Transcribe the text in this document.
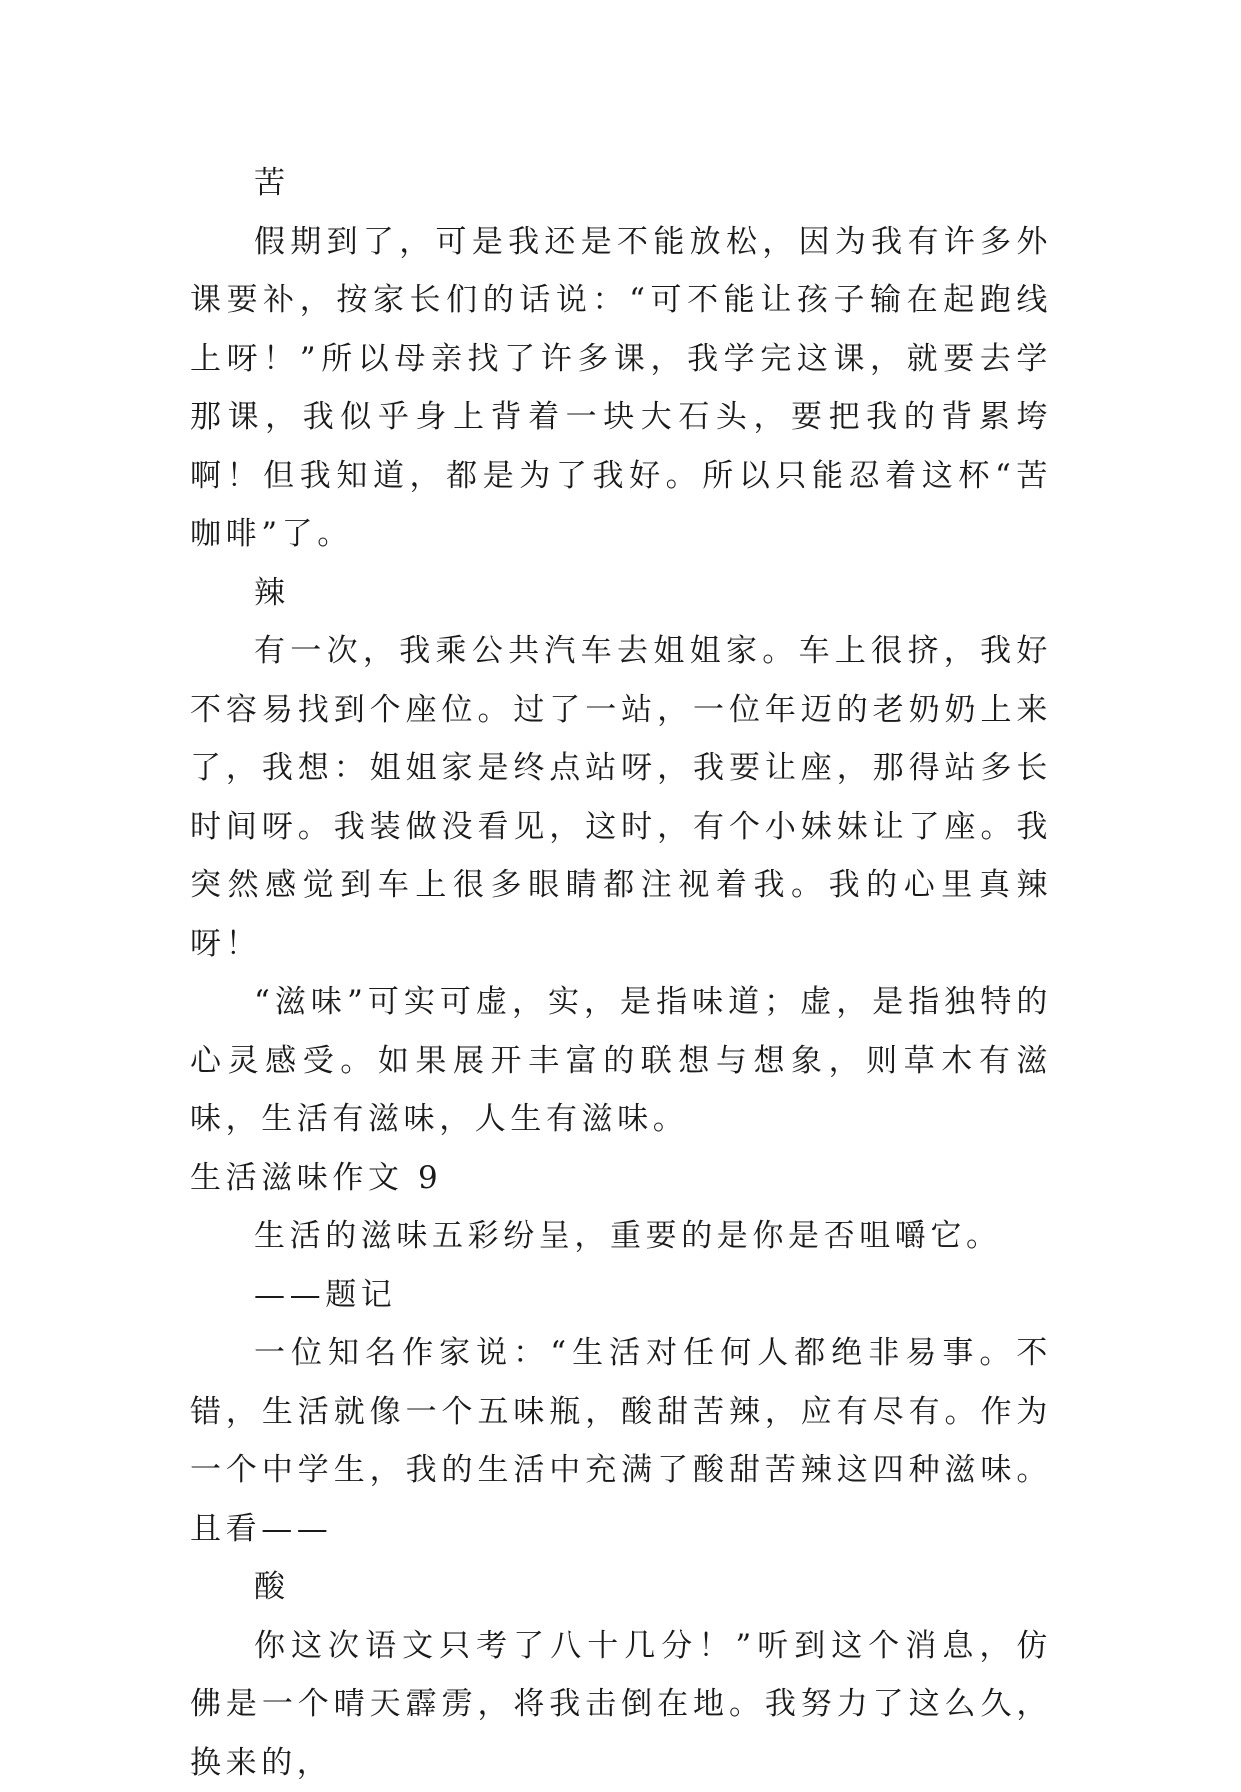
苦

假期到了，可是我还是不能放松，因为我有许多外课要补，按家长们的话说：“可不能让孩子输在起跑线上呀！”所以母亲找了许多课，我学完这课，就要去学那课，我似乎身上背着一块大石头，要把我的背累垮啊！但我知道，都是为了我好。所以只能忍着这杯“苦咖啡”了。

辣

有一次，我乘公共汽车去姐姐家。车上很挤，我好不容易找到个座位。过了一站，一位年迈的老奶奶上来了，我想：姐姐家是终点站呀，我要让座，那得站多长时间呀。我装做没看见，这时，有个小妹妹让了座。我突然感觉到车上很多眼睛都注视着我。我的心里真辣呀！

“滋味”可实可虚，实，是指味道；虚，是指独特的心灵感受。如果展开丰富的联想与想象，则草木有滋味，生活有滋味，人生有滋味。

生活滋味作文 9

生活的滋味五彩纷呈，重要的是你是否咀嚼它。

——题记

一位知名作家说：“生活对任何人都绝非易事。不错，生活就像一个五味瓶，酸甜苦辣，应有尽有。作为一个中学生，我的生活中充满了酸甜苦辣这四种滋味。且看——

酸

你这次语文只考了八十几分！”听到这个消息，仿佛是一个晴天霹雳，将我击倒在地。我努力了这么久，换来的，
